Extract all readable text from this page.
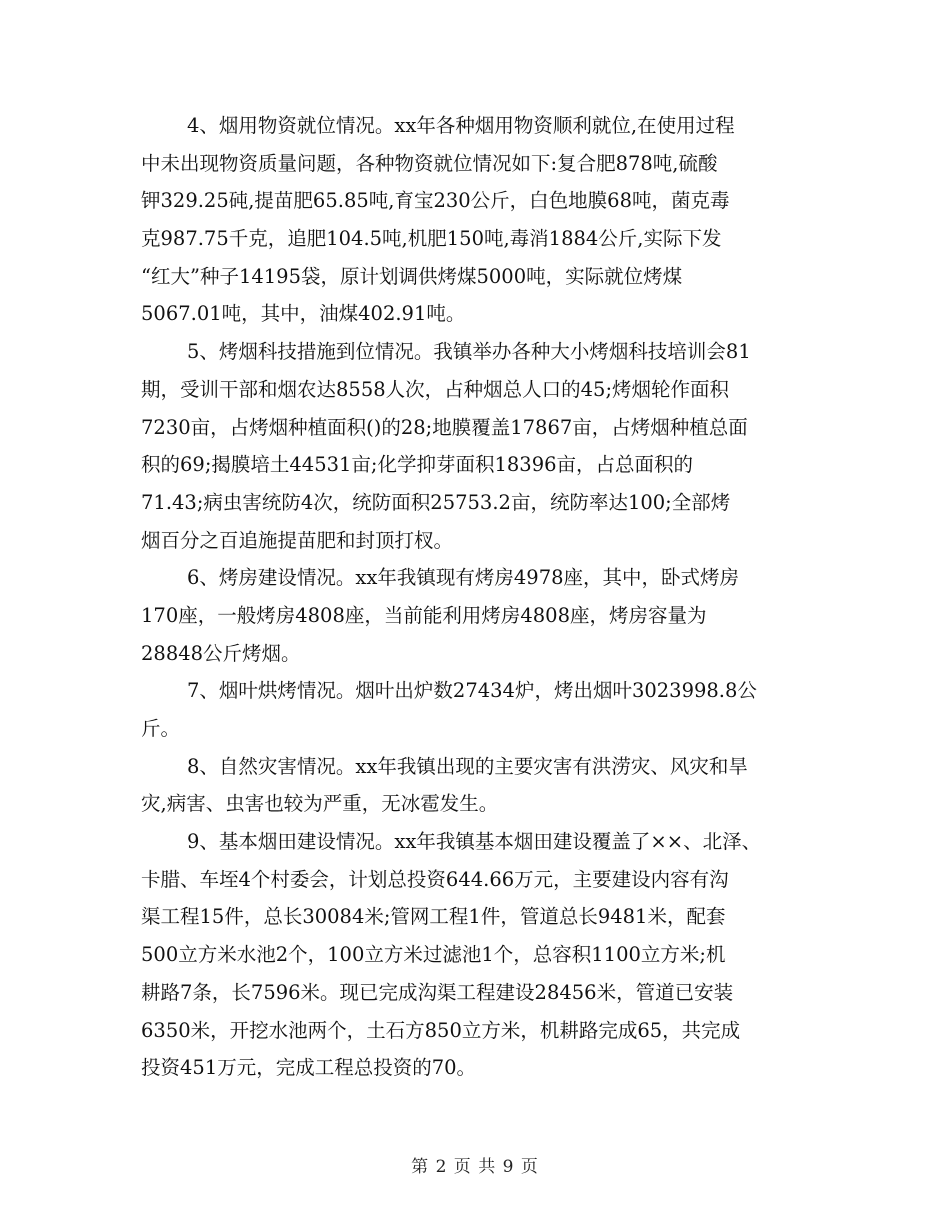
4、烟用物资就位情况。xx年各种烟用物资顺利就位,在使用过程
中未出现物资质量问题，各种物资就位情况如下:复合肥878吨,硫酸
钾329.25砘,提苗肥65.85吨,育宝230公斤，白色地膜68吨，菌克毒
克987.75千克，追肥104.5吨,机肥150吨,毒消1884公斤,实际下发
“红大”种子14195袋，原计划调供烤煤5000吨，实际就位烤煤
5067.01吨，其中，油煤402.91吨。
5、烤烟科技措施到位情况。我镇举办各种大小烤烟科技培训会81
期，受训干部和烟农达8558人次，占种烟总人口的45;烤烟轮作面积
7230亩，占烤烟种植面积()的28;地膜覆盖17867亩，占烤烟种植总面
积的69;揭膜培土44531亩;化学抑芽面积18396亩，占总面积的
71.43;病虫害统防4次，统防面积25753.2亩，统防率达100;全部烤
烟百分之百追施提苗肥和封顶打杈。
6、烤房建设情况。xx年我镇现有烤房4978座，其中，卧式烤房
170座，一般烤房4808座，当前能利用烤房4808座，烤房容量为
28848公斤烤烟。
7、烟叶烘烤情况。烟叶出炉数27434炉，烤出烟叶3023998.8公
斤。
8、自然灾害情况。xx年我镇出现的主要灾害有洪涝灾、风灾和旱
灾,病害、虫害也较为严重，无冰雹发生。
9、基本烟田建设情况。xx年我镇基本烟田建设覆盖了××、北泽、
卡腊、车垤4个村委会，计划总投资644.66万元，主要建设内容有沟
渠工程15件，总长30084米;管网工程1件，管道总长9481米，配套
500立方米水池2个，100立方米过滤池1个，总容积1100立方米;机
耕路7条，长7596米。现已完成沟渠工程建设28456米，管道已安装
6350米，开挖水池两个，土石方850立方米，机耕路完成65，共完成
投资451万元，完成工程总投资的70。
第 2 页 共 9 页
